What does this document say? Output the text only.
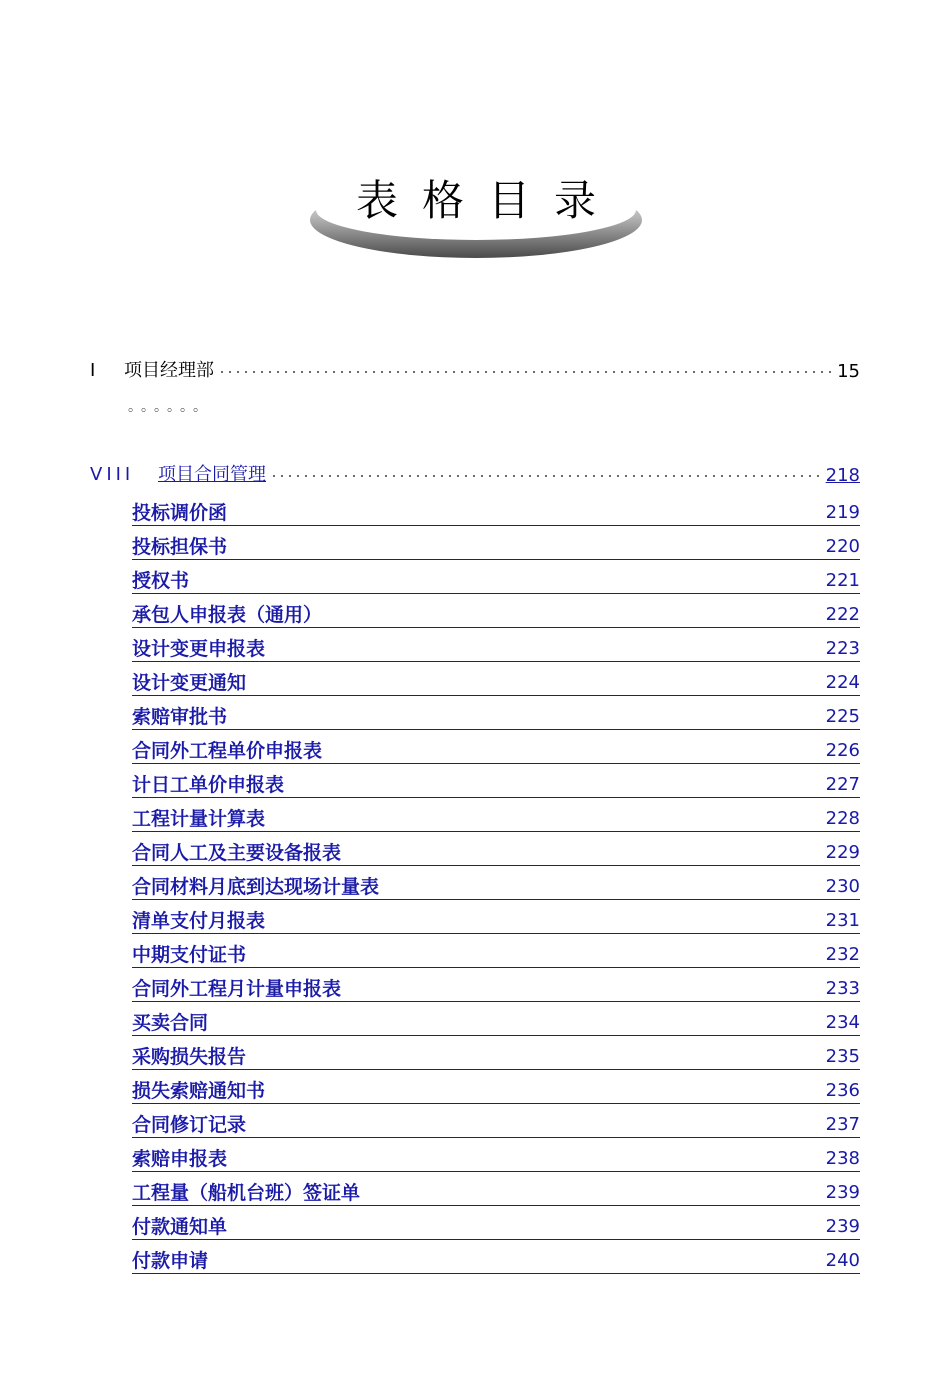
表格目录
I 项目经理部	15
。。。。。。
VIII 项目合同管理	218
投标调价函	219
投标担保书	220
授权书	221
承包人申报表（通用）	222
设计变更申报表	223
设计变更通知	224
索赔审批书	225
合同外工程单价申报表	226
计日工单价申报表	227
工程计量计算表	228
合同人工及主要设备报表	229
合同材料月底到达现场计量表	230
清单支付月报表	231
中期支付证书	232
合同外工程月计量申报表	233
买卖合同	234
采购损失报告	235
损失索赔通知书	236
合同修订记录	237
索赔申报表	238
工程量（船机台班）签证单	239
付款通知单	239
付款申请	240
